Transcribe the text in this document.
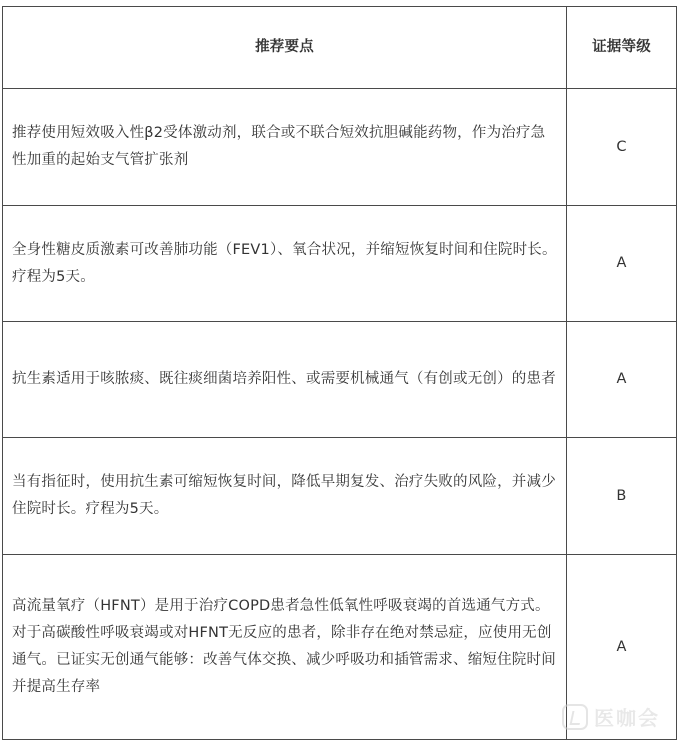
推荐要点	证据等级
推荐使用短效吸入性β2受体激动剂，联合或不联合短效抗胆碱能药物，作为治疗急性加重的起始支气管扩张剂	C
全身性糖皮质激素可改善肺功能（FEV1）、氧合状况，并缩短恢复时间和住院时长。疗程为5天。	A
抗生素适用于咳脓痰、既往痰细菌培养阳性、或需要机械通气（有创或无创）的患者	A
当有指征时，使用抗生素可缩短恢复时间，降低早期复发、治疗失败的风险，并减少住院时长。疗程为5天。	B
高流量氧疗（HFNT）是用于治疗COPD患者急性低氧性呼吸衰竭的首选通气方式。对于高碳酸性呼吸衰竭或对HFNT无反应的患者，除非存在绝对禁忌症，应使用无创通气。已证实无创通气能够：改善气体交换、减少呼吸功和插管需求、缩短住院时间并提高生存率	A
医咖会
